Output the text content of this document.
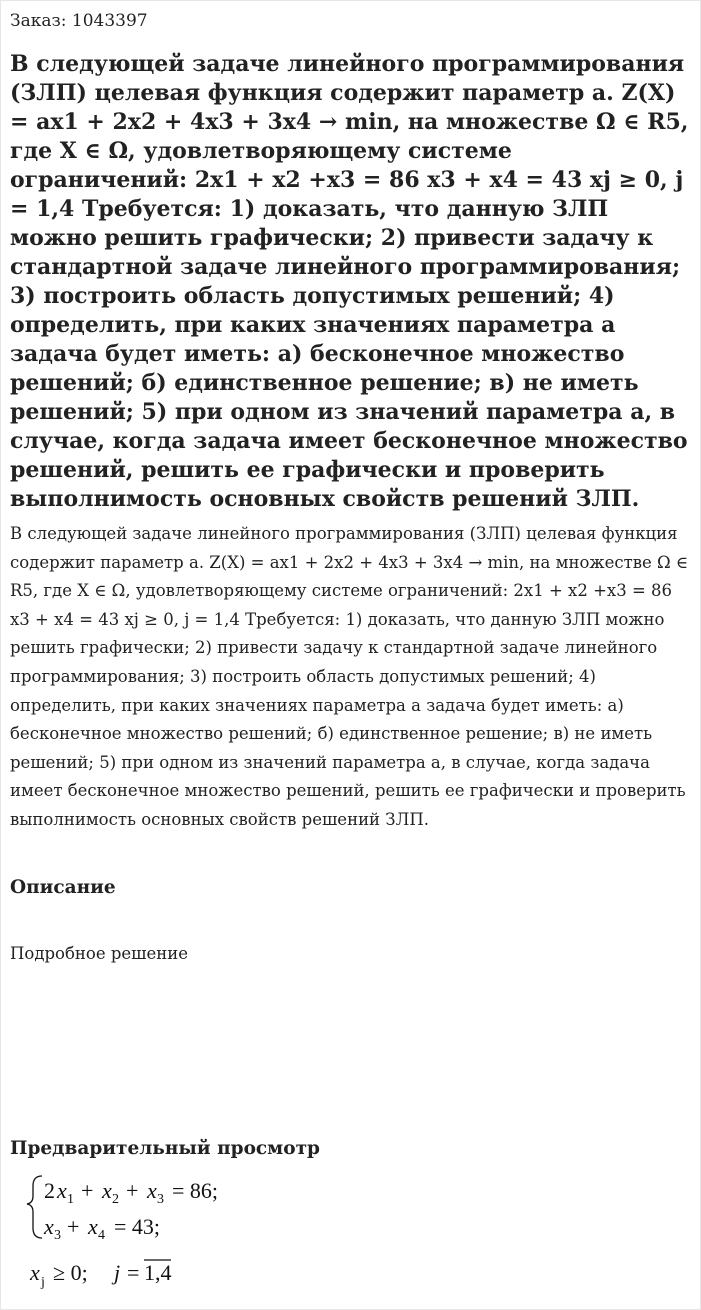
Заказ: 1043397
В следующей задаче линейного программирования (ЗЛП) целевая функция содержит параметр a. Z(X) = ax1 + 2x2 + 4x3 + 3x4 → min, на множестве Ω ∈ R5, где X ∈ Ω, удовлетворяющему системе ограничений: 2x1 + x2 +x3 = 86 x3 + x4 = 43 xj ≥ 0, j = 1,4 Требуется: 1) доказать, что данную ЗЛП можно решить графически; 2) привести задачу к стандартной задаче линейного программирования; 3) построить область допустимых решений; 4) определить, при каких значениях параметра a задача будет иметь: а) бесконечное множество решений; б) единственное решение; в) не иметь решений; 5) при одном из значений параметра a, в случае, когда задача имеет бесконечное множество решений, решить ее графически и проверить выполнимость основных свойств решений ЗЛП.

В следующей задаче линейного программирования (ЗЛП) целевая функция содержит параметр a. Z(X) = ax1 + 2x2 + 4x3 + 3x4 → min, на множестве Ω ∈ R5, где X ∈ Ω, удовлетворяющему системе ограничений: 2x1 + x2 +x3 = 86 x3 + x4 = 43 xj ≥ 0, j = 1,4 Требуется: 1) доказать, что данную ЗЛП можно решить графически; 2) привести задачу к стандартной задаче линейного программирования; 3) построить область допустимых решений; 4) определить, при каких значениях параметра a задача будет иметь: а) бесконечное множество решений; б) единственное решение; в) не иметь решений; 5) при одном из значений параметра a, в случае, когда задача имеет бесконечное множество решений, решить ее графически и проверить выполнимость основных свойств решений ЗЛП.

Описание

Подробное решение

Предварительный просмотр
2 x 1 + x 2 + x 3 = 86;
x 3 + x 4 = 43;
x j ≥ 0; j = 1,4
